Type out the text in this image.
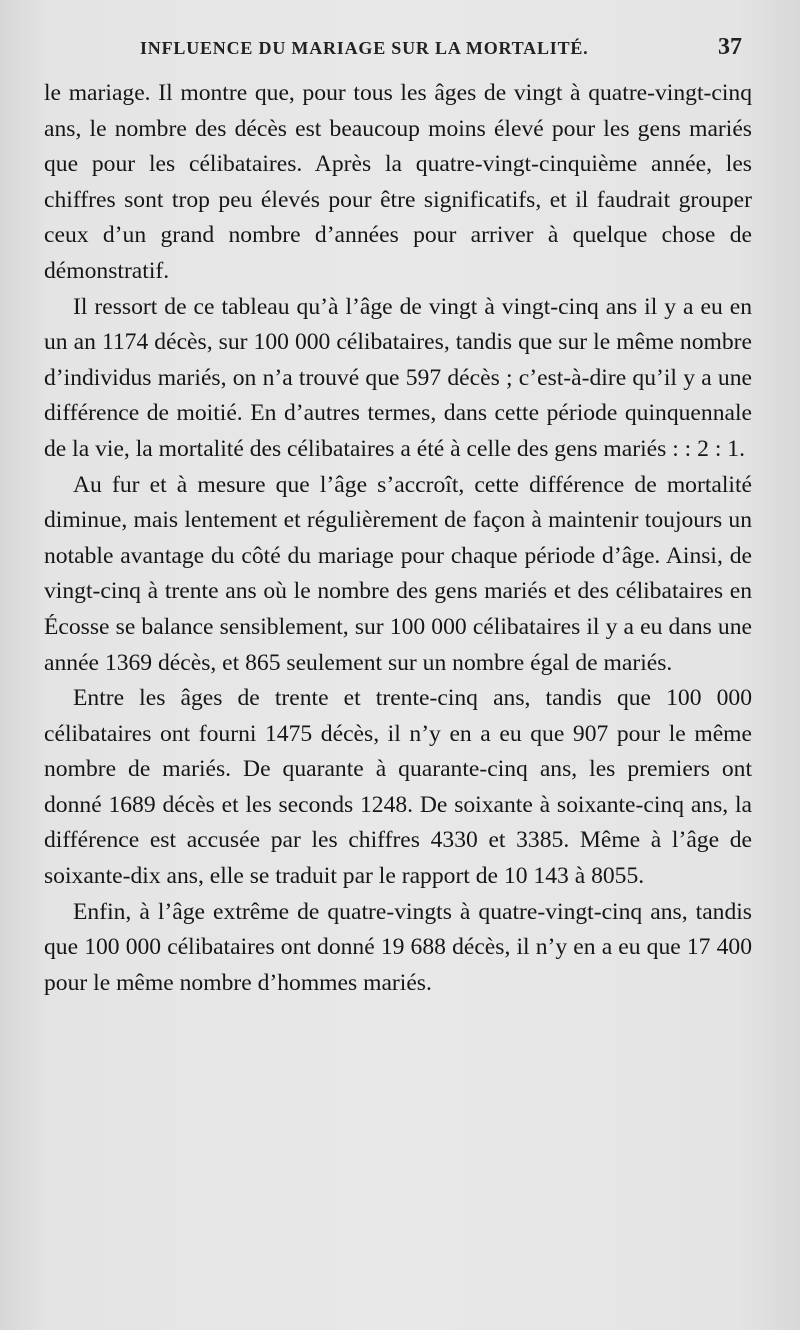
INFLUENCE DU MARIAGE SUR LA MORTALITÉ.	37

le mariage. Il montre que, pour tous les âges de vingt à quatre-vingt-cinq ans, le nombre des décès est beaucoup moins élevé pour les gens mariés que pour les célibataires. Après la quatre-vingt-cinquième année, les chiffres sont trop peu élevés pour être significatifs, et il faudrait grouper ceux d’un grand nombre d’années pour arriver à quelque chose de démonstratif.

Il ressort de ce tableau qu’à l’âge de vingt à vingt-cinq ans il y a eu en un an 1174 décès, sur 100 000 célibataires, tandis que sur le même nombre d’individus mariés, on n’a trouvé que 597 décès ; c’est-à-dire qu’il y a une différence de moitié. En d’autres termes, dans cette période quinquennale de la vie, la mortalité des célibataires a été à celle des gens mariés : : 2 : 1.

Au fur et à mesure que l’âge s’accroît, cette différence de mortalité diminue, mais lentement et régulièrement de façon à maintenir toujours un notable avantage du côté du mariage pour chaque période d’âge. Ainsi, de vingt-cinq à trente ans où le nombre des gens mariés et des célibataires en Écosse se balance sensiblement, sur 100 000 célibataires il y a eu dans une année 1369 décès, et 865 seulement sur un nombre égal de mariés.

Entre les âges de trente et trente-cinq ans, tandis que 100 000 célibataires ont fourni 1475 décès, il n’y en a eu que 907 pour le même nombre de mariés. De quarante à quarante-cinq ans, les premiers ont donné 1689 décès et les seconds 1248. De soixante à soixante-cinq ans, la différence est accusée par les chiffres 4330 et 3385. Même à l’âge de soixante-dix ans, elle se traduit par le rapport de 10 143 à 8055.

Enfin, à l’âge extrême de quatre-vingts à quatre-vingt-cinq ans, tandis que 100 000 célibataires ont donné 19 688 décès, il n’y en a eu que 17 400 pour le même nombre d’hommes mariés.
